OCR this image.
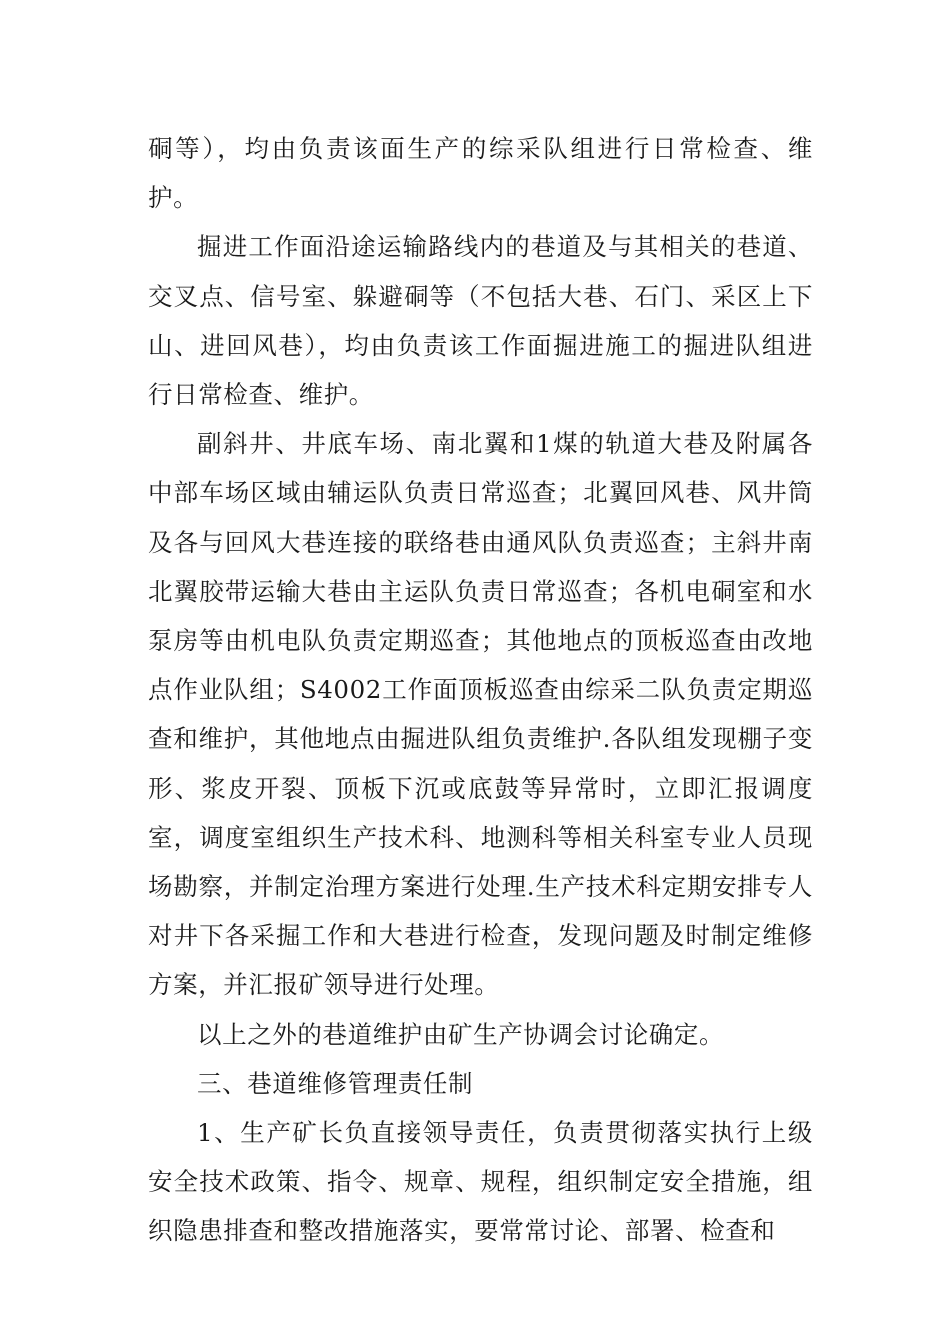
硐等），均由负责该面生产的综采队组进行日常检查、维护。

掘进工作面沿途运输路线内的巷道及与其相关的巷道、交叉点、信号室、躲避硐等（不包括大巷、石门、采区上下山、进回风巷），均由负责该工作面掘进施工的掘进队组进行日常检查、维护。

副斜井、井底车场、南北翼和1煤的轨道大巷及附属各中部车场区域由辅运队负责日常巡查；北翼回风巷、风井筒及各与回风大巷连接的联络巷由通风队负责巡查；主斜井南北翼胶带运输大巷由主运队负责日常巡查；各机电硐室和水泵房等由机电队负责定期巡查；其他地点的顶板巡查由改地点作业队组；S4002工作面顶板巡查由综采二队负责定期巡查和维护，其他地点由掘进队组负责维护.各队组发现棚子变形、浆皮开裂、顶板下沉或底鼓等异常时，立即汇报调度室，调度室组织生产技术科、地测科等相关科室专业人员现场勘察，并制定治理方案进行处理.生产技术科定期安排专人对井下各采掘工作和大巷进行检查，发现问题及时制定维修方案，并汇报矿领导进行处理。

以上之外的巷道维护由矿生产协调会讨论确定。

三、巷道维修管理责任制

1、生产矿长负直接领导责任，负责贯彻落实执行上级安全技术政策、指令、规章、规程，组织制定安全措施，组织隐患排查和整改措施落实，要常常讨论、部署、检查和
